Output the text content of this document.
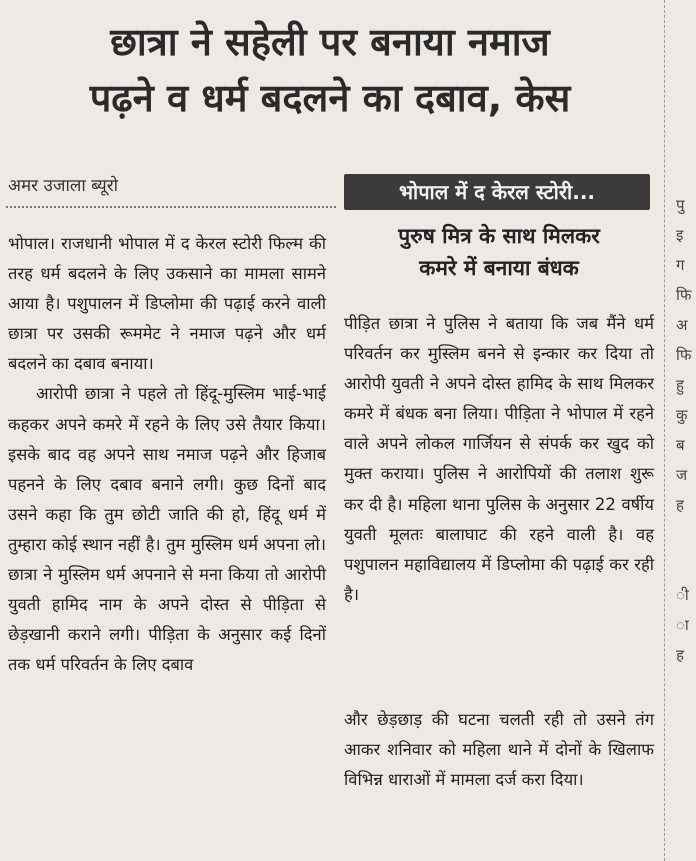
छात्रा ने सहेली पर बनाया नमाज
पढ़ने व धर्म बदलने का दबाव, केस
अमर उजाला ब्यूरो	भोपाल में द केरल स्टोरी...
पुरुष मित्र के साथ मिलकर
कमरे में बनाया बंधक

भोपाल। राजधानी भोपाल में द केरल स्टोरी फिल्म की तरह धर्म बदलने के लिए उकसाने का मामला सामने आया है। पशुपालन में डिप्लोमा की पढ़ाई करने वाली छात्रा पर उसकी रूममेट ने नमाज पढ़ने और धर्म बदलने का दबाव बनाया।

आरोपी छात्रा ने पहले तो हिंदू-मुस्लिम भाई-भाई कहकर अपने कमरे में रहने के लिए उसे तैयार किया। इसके बाद वह अपने साथ नमाज पढ़ने और हिजाब पहनने के लिए दबाव बनाने लगी। कुछ दिनों बाद उसने कहा कि तुम छोटी जाति की हो, हिंदू धर्म में तुम्हारा कोई स्थान नहीं है। तुम मुस्लिम धर्म अपना लो। छात्रा ने मुस्लिम धर्म अपनाने से मना किया तो आरोपी युवती हामिद नाम के अपने दोस्त से पीड़िता से छेड़खानी कराने लगी। पीड़िता के अनुसार कई दिनों तक धर्म परिवर्तन के लिए दबाव

पीड़ित छात्रा ने पुलिस ने बताया कि जब मैंने धर्म परिवर्तन कर मुस्लिम बनने से इन्कार कर दिया तो आरोपी युवती ने अपने दोस्त हामिद के साथ मिलकर कमरे में बंधक बना लिया। पीड़िता ने भोपाल में रहने वाले अपने लोकल गार्जियन से संपर्क कर खुद को मुक्त कराया। पुलिस ने आरोपियों की तलाश शुरू कर दी है। महिला थाना पुलिस के अनुसार 22 वर्षीय युवती मूलतः बालाघाट की रहने वाली है। वह पशुपालन महाविद्यालय में डिप्लोमा की पढ़ाई कर रही है।

और छेड़छाड़ की घटना चलती रही तो उसने तंग आकर शनिवार को महिला थाने में दोनों के खिलाफ विभिन्न धाराओं में मामला दर्ज करा दिया।

पु
इ
ग
फि
अ
फि
हु
कु
ब
ज
ह
ी
ा
ह
